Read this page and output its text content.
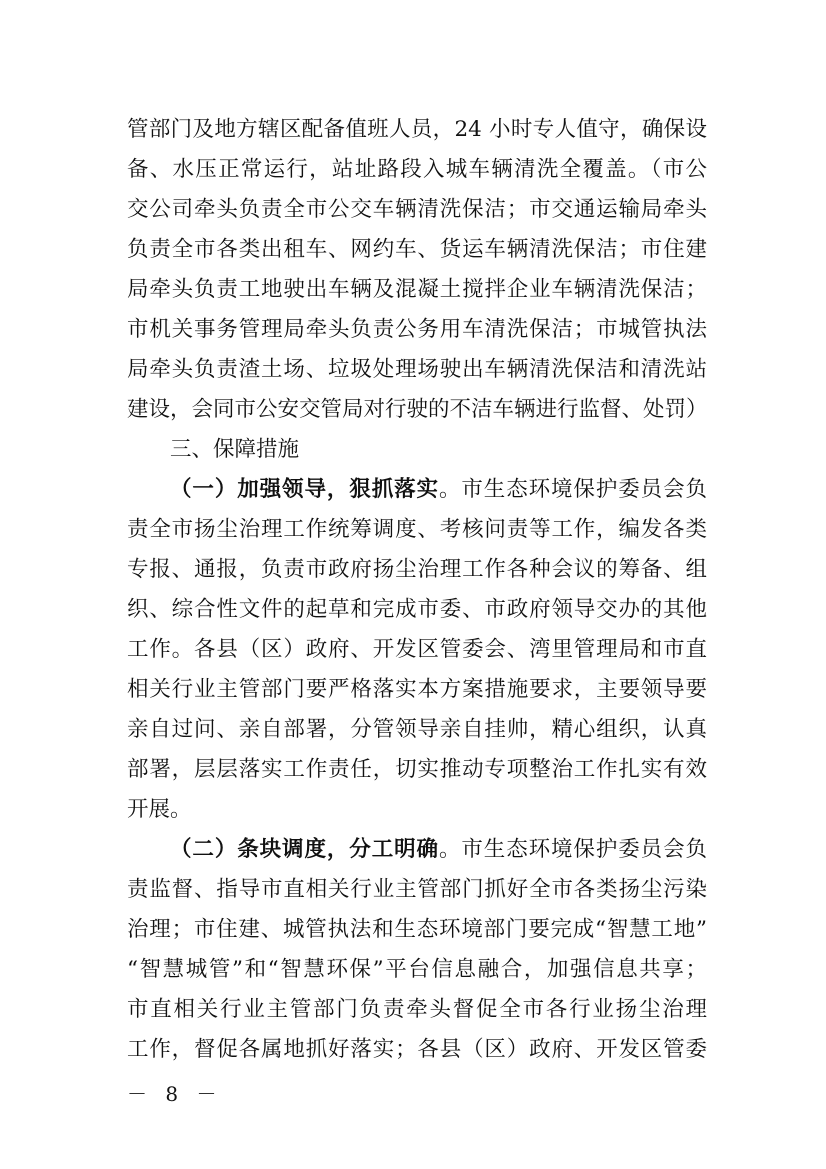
管部门及地方辖区配备值班人员，24 小时专人值守，确保设
备、水压正常运行，站址路段入城车辆清洗全覆盖。（市公
交公司牵头负责全市公交车辆清洗保洁；市交通运输局牵头
负责全市各类出租车、网约车、货运车辆清洗保洁；市住建
局牵头负责工地驶出车辆及混凝土搅拌企业车辆清洗保洁；
市机关事务管理局牵头负责公务用车清洗保洁；市城管执法
局牵头负责渣土场、垃圾处理场驶出车辆清洗保洁和清洗站
建设，会同市公安交管局对行驶的不洁车辆进行监督、处罚）
三、保障措施
（一）加强领导，狠抓落实。市生态环境保护委员会负
责全市扬尘治理工作统筹调度、考核问责等工作，编发各类
专报、通报，负责市政府扬尘治理工作各种会议的筹备、组
织、综合性文件的起草和完成市委、市政府领导交办的其他
工作。各县（区）政府、开发区管委会、湾里管理局和市直
相关行业主管部门要严格落实本方案措施要求，主要领导要
亲自过问、亲自部署，分管领导亲自挂帅，精心组织，认真
部署，层层落实工作责任，切实推动专项整治工作扎实有效
开展。
（二）条块调度，分工明确。市生态环境保护委员会负
责监督、指导市直相关行业主管部门抓好全市各类扬尘污染
治理；市住建、城管执法和生态环境部门要完成“智慧工地”
“智慧城管”和“智慧环保”平台信息融合，加强信息共享；
市直相关行业主管部门负责牵头督促全市各行业扬尘治理
工作，督促各属地抓好落实；各县（区）政府、开发区管委
－ 8 －
